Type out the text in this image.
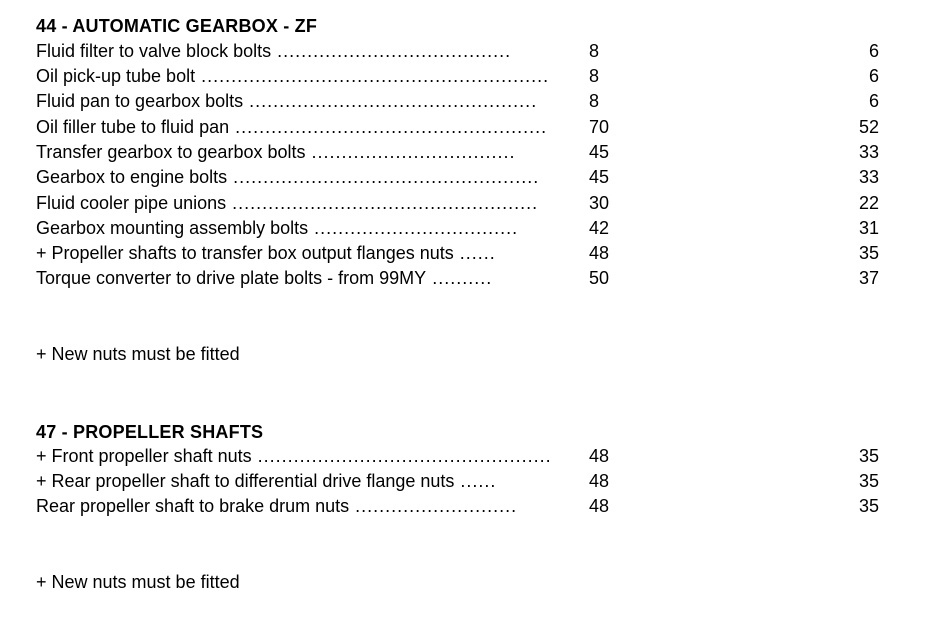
44 - AUTOMATIC GEARBOX - ZF
Fluid filter to valve block bolts .......................................	8	6
Oil pick-up tube bolt ..........................................................	8	6
Fluid pan to gearbox bolts ................................................	8	6
Oil filler tube to fluid pan ....................................................	70	52
Transfer gearbox to gearbox bolts ..................................	45	33
Gearbox to engine bolts ...................................................	45	33
Fluid cooler pipe unions ...................................................	30	22
Gearbox mounting assembly bolts ..................................	42	31
+ Propeller shafts to transfer box output flanges nuts ......	48	35
Torque converter to drive plate bolts - from 99MY ..........	50	37
+ New nuts must be fitted
47 - PROPELLER SHAFTS
+ Front propeller shaft nuts .................................................	48	35
+ Rear propeller shaft to differential drive flange nuts ......	48	35
Rear propeller shaft to brake drum nuts ...........................	48	35
+ New nuts must be fitted
